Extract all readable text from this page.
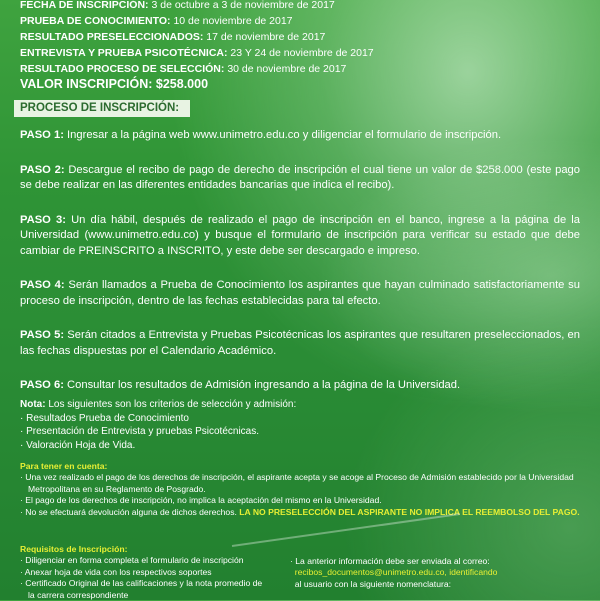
FECHA DE INSCRIPCIÓN: 3 de octubre a 3 de noviembre de 2017
PRUEBA DE CONOCIMIENTO: 10 de noviembre de 2017
RESULTADO PRESELECCIONADOS: 17 de noviembre de 2017
ENTREVISTA Y PRUEBA PSICOTÉCNICA: 23 Y 24 de noviembre de 2017
RESULTADO PROCESO DE SELECCIÓN: 30 de noviembre de 2017
VALOR INSCRIPCIÓN: $258.000
PROCESO DE INSCRIPCIÓN:

PASO 1: Ingresar a la página web www.unimetro.edu.co y diligenciar el formulario de inscripción.

PASO 2: Descargue el recibo de pago de derecho de inscripción el cual tiene un valor de $258.000 (este pago se debe realizar en las diferentes entidades bancarias que indica el recibo).

PASO 3: Un día hábil, después de realizado el pago de inscripción en el banco, ingrese a la página de la Universidad (www.unimetro.edu.co) y busque el formulario de inscripción para verificar su estado que debe cambiar de PREINSCRITO a INSCRITO, y este debe ser descargado e impreso.

PASO 4: Serán llamados a Prueba de Conocimiento los aspirantes que hayan culminado satisfactoriamente su proceso de inscripción, dentro de las fechas establecidas para tal efecto.

PASO 5: Serán citados a Entrevista y Pruebas Psicotécnicas los aspirantes que resultaren preseleccionados, en las fechas dispuestas por el Calendario Académico.

PASO 6: Consultar los resultados de Admisión ingresando a la página de la Universidad.

Nota: Los siguientes son los criterios de selección y admisión:
· Resultados Prueba de Conocimiento
· Presentación de Entrevista y pruebas Psicotécnicas.
· Valoración Hoja de Vida.
Para tener en cuenta:
· Una vez realizado el pago de los derechos de inscripción, el aspirante acepta y se acoge al Proceso de Admisión establecido por la Universidad Metropolitana en su Reglamento de Posgrado.
· El pago de los derechos de inscripción, no implica la aceptación del mismo en la Universidad.
· No se efectuará devolución alguna de dichos derechos. LA NO PRESELECCIÓN DEL ASPIRANTE NO IMPLICA EL REEMBOLSO DEL PAGO.
Requisitos de Inscripción:
· Diligenciar en forma completa el formulario de inscripción
· Anexar hoja de vida con los respectivos soportes
· Certificado Original de las calificaciones y la nota promedio de la carrera correspondiente
· La anterior información debe ser enviada al correo:
recibos_documentos@unimetro.edu.co, identificando
al usuario con la siguiente nomenclatura:
